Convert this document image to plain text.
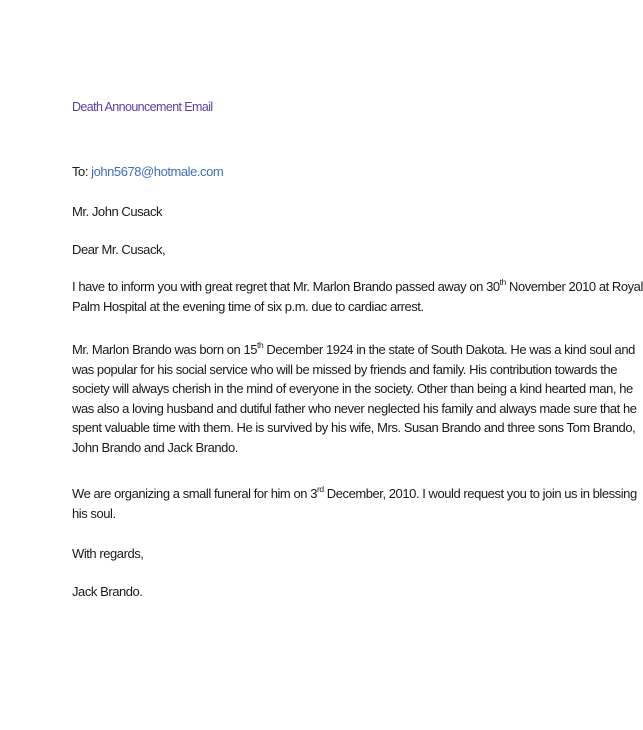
Death Announcement Email
To: john5678@hotmale.com
Mr. John Cusack
Dear Mr. Cusack,
I have to inform you with great regret that Mr. Marlon Brando passed away on 30th November 2010 at Royal
Palm Hospital at the evening time of six p.m. due to cardiac arrest.
Mr. Marlon Brando was born on 15th December 1924 in the state of South Dakota. He was a kind soul and
was popular for his social service who will be missed by friends and family. His contribution towards the
society will always cherish in the mind of everyone in the society. Other than being a kind hearted man, he
was also a loving husband and dutiful father who never neglected his family and always made sure that he
spent valuable time with them. He is survived by his wife, Mrs. Susan Brando and three sons Tom Brando,
John Brando and Jack Brando.
We are organizing a small funeral for him on 3rd December, 2010. I would request you to join us in blessing
his soul.
With regards,
Jack Brando.
